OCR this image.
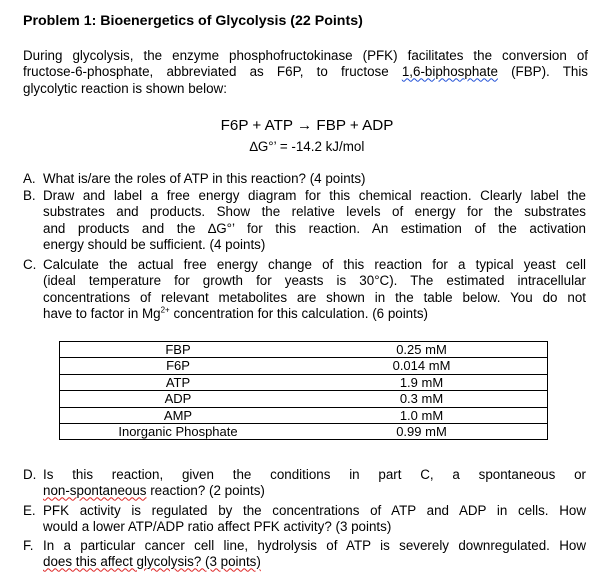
Problem 1: Bioenergetics of Glycolysis (22 Points)
During glycolysis, the enzyme phosphofructokinase (PFK) facilitates the conversion of
fructose-6-phosphate, abbreviated as F6P, to fructose 1,6-biphosphate (FBP). This
glycolytic reaction is shown below:
F6P + ATP → FBP + ADP
∆G°’ = -14.2 kJ/mol
A. What is/are the roles of ATP in this reaction? (4 points)
B. Draw and label a free energy diagram for this chemical reaction. Clearly label the
substrates and products. Show the relative levels of energy for the substrates
and products and the ∆G°’ for this reaction. An estimation of the activation
energy should be sufficient. (4 points)
C. Calculate the actual free energy change of this reaction for a typical yeast cell
(ideal temperature for growth for yeasts is 30°C). The estimated intracellular
concentrations of relevant metabolites are shown in the table below. You do not
have to factor in $Mg^{2+}$ concentration for this calculation. (6 points)
FBP	0.25 mM
F6P	0.014 mM
ATP	1.9 mM
ADP	0.3 mM
AMP	1.0 mM
Inorganic Phosphate	0.99 mM
D. Is this reaction, given the conditions in part C, a spontaneous or
non-spontaneous reaction? (2 points)
E. PFK activity is regulated by the concentrations of ATP and ADP in cells. How
would a lower ATP/ADP ratio affect PFK activity? (3 points)
F. In a particular cancer cell line, hydrolysis of ATP is severely downregulated. How
does this affect glycolysis? (3 points)
